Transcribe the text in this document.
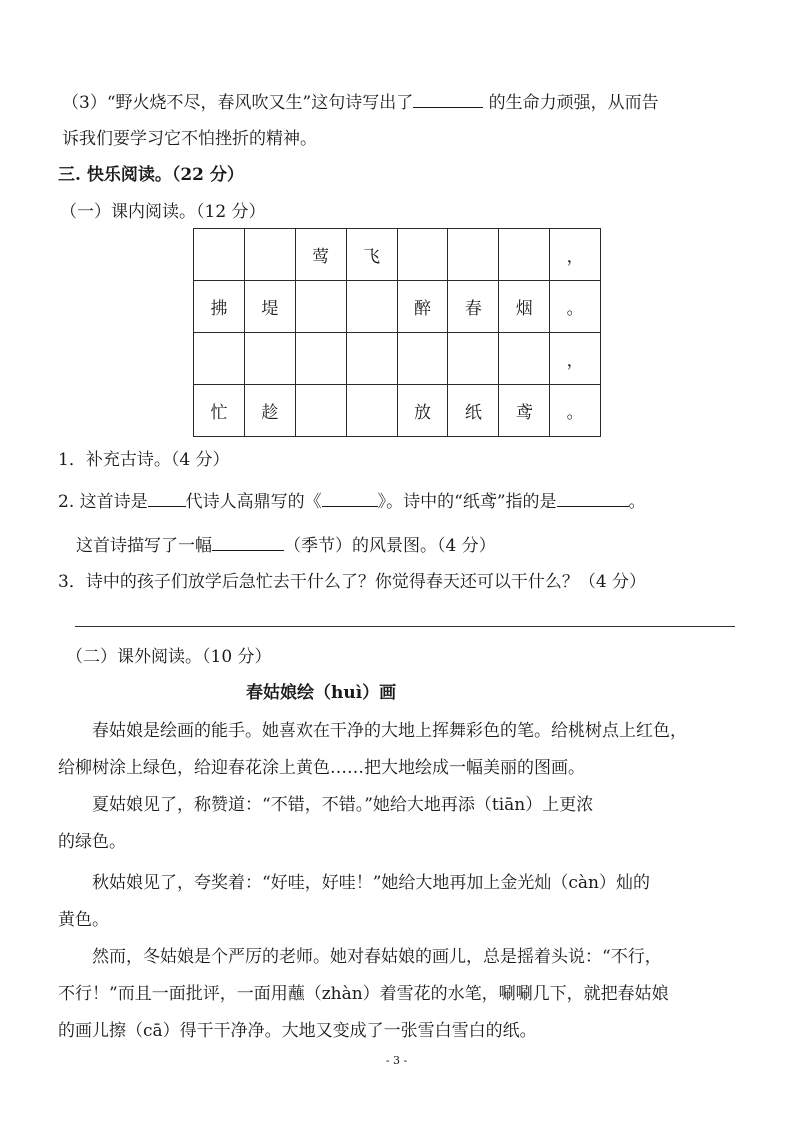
（3）“野火烧不尽，春风吹又生”这句诗写出了	的生命力顽强，从而告
诉我们要学习它不怕挫折的精神。
三. 快乐阅读。（22 分）
（一）课内阅读。（12 分）
		莺	飞				，
拂	堤			醉	春	烟	。
							，
忙	趁			放	纸	鸢	。
1．补充古诗。（4 分）
2. 这首诗是 代诗人高鼎写的《	》。诗中的“纸鸢”指的是	。
这首诗描写了一幅	（季节）的风景图。（4 分）
3．诗中的孩子们放学后急忙去干什么了？你觉得春天还可以干什么？（4 分）
（二）课外阅读。（10 分）
春姑娘绘（huì）画
春姑娘是绘画的能手。她喜欢在干净的大地上挥舞彩色的笔。给桃树点上红色，
给柳树涂上绿色，给迎春花涂上黄色……把大地绘成一幅美丽的图画。
夏姑娘见了，称赞道：“不错，不错。”她给大地再添（tiān）上更浓
的绿色。
秋姑娘见了，夸奖着：“好哇，好哇！”她给大地再加上金光灿（càn）灿的
黄色。
然而，冬姑娘是个严厉的老师。她对春姑娘的画儿，总是摇着头说：“不行，
不行！”而且一面批评，一面用蘸（zhàn）着雪花的水笔，唰唰几下，就把春姑娘
的画儿擦（cā）得干干净净。大地又变成了一张雪白雪白的纸。
- 3 -
